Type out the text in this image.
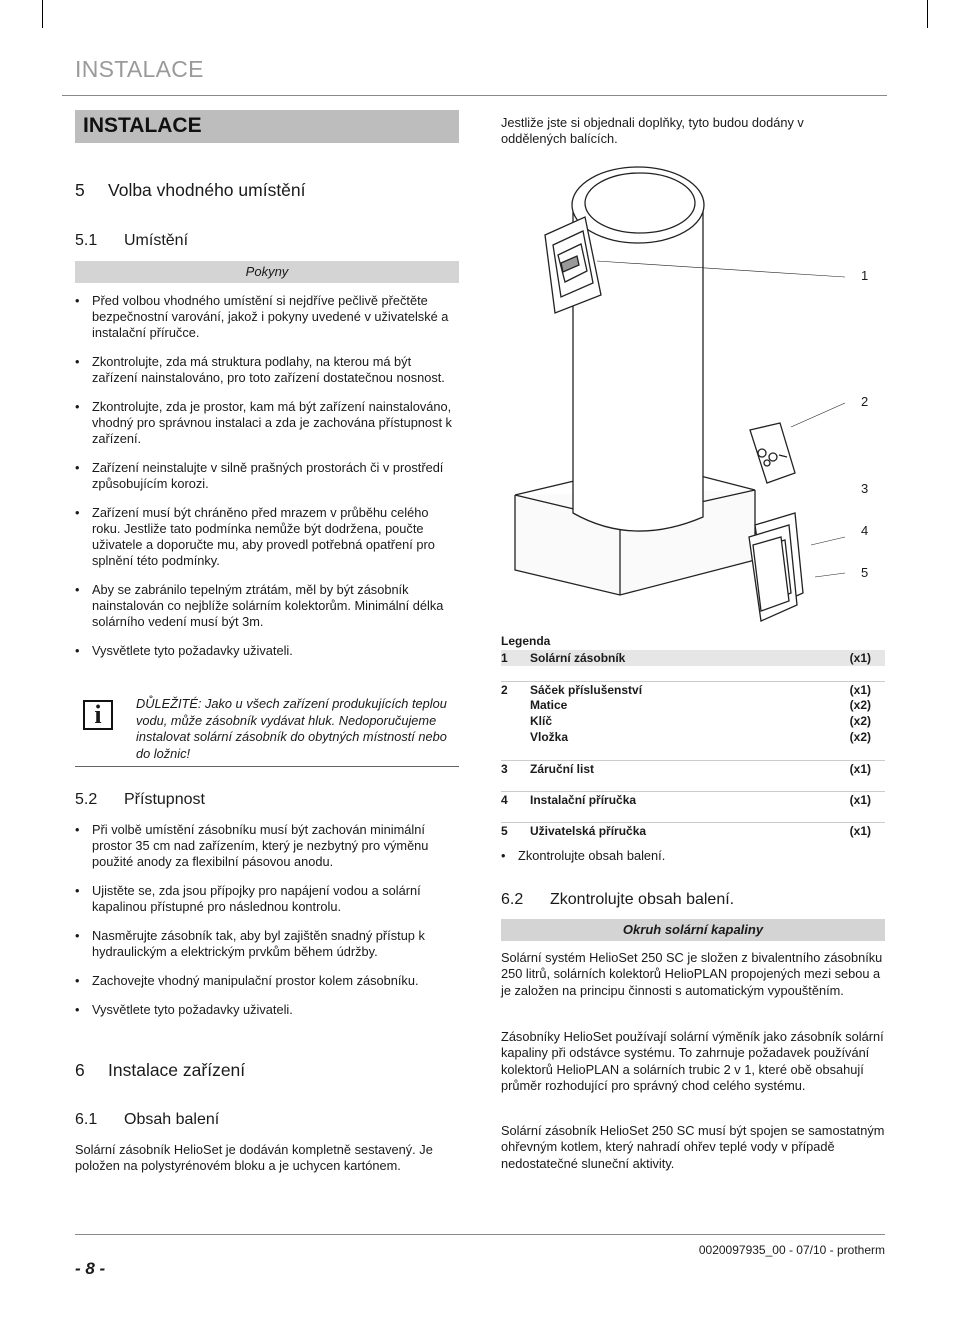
INSTALACE
INSTALACE	Jestliže jste si objednali doplňky, tyto budou dodány v oddělených balících.
5 Volba vhodného umístění
5.1 Umístění
Pokyny
• Před volbou vhodného umístění si nejdříve pečlivě přečtěte bezpečnostní varování, jakož i pokyny uvedené v uživatelské a instalační příručce.
• Zkontrolujte, zda má struktura podlahy, na kterou má být zařízení nainstalováno, pro toto zařízení dostatečnou nosnost.
• Zkontrolujte, zda je prostor, kam má být zařízení nainstalováno, vhodný pro správnou instalaci a zda je zachována přístupnost k zařízení.
• Zařízení neinstalujte v silně prašných prostorách či v prostředí způsobujícím korozi.
• Zařízení musí být chráněno před mrazem v průběhu celého roku. Jestliže tato podmínka nemůže být dodržena, poučte uživatele a doporučte mu, aby provedl potřebná opatření pro splnění této podmínky.
• Aby se zabránilo tepelným ztrátám, měl by být zásobník nainstalován co nejblíže solárním kolektorům. Minimální délka solárního vedení musí být 3m.
• Vysvětlete tyto požadavky uživateli.
i	DŮLEŽITÉ: Jako u všech zařízení produkujících teplou vodu, může zásobník vydávat hluk. Nedoporučujeme instalovat solární zásobník do obytných místností nebo do ložnic!
5.2 Přístupnost
• Při volbě umístění zásobníku musí být zachován minimální prostor 35 cm nad zařízením, který je nezbytný pro výměnu použité anody za flexibilní pásovou anodu.
• Ujistěte se, zda jsou přípojky pro napájení vodou a solární kapalinou přístupné pro následnou kontrolu.
• Nasměrujte zásobník tak, aby byl zajištěn snadný přístup k hydraulickým a elektrickým prvkům během údržby.
• Zachovejte vhodný manipulační prostor kolem zásobníku.
• Vysvětlete tyto požadavky uživateli.
6 Instalace zařízení
6.1 Obsah balení
Solární zásobník HelioSet je dodáván kompletně sestavený. Je položen na polystyrénovém bloku a je uchycen kartónem.
1
2
3
4
5
Legenda
1 Solární zásobník	(x1)
2 Sáček příslušenství	(x1)
Matice	(x2)
Klíč	(x2)
Vložka	(x2)
3 Záruční list	(x1)
4 Instalační příručka	(x1)
5 Uživatelská příručka	(x1)
• Zkontrolujte obsah balení.
6.2 Zkontrolujte obsah balení.
Okruh solární kapaliny
Solární systém HelioSet 250 SC je složen z bivalentního zásobníku 250 litrů, solárních kolektorů HelioPLAN propojených mezi sebou a je založen na principu činnosti s automatickým vypouštěním.
Zásobníky HelioSet používají solární výměník jako zásobník solární kapaliny při odstávce systému. To zahrnuje požadavek používání kolektorů HelioPLAN a solárních trubic 2 v 1, které obě obsahují průměr rozhodující pro správný chod celého systému.
Solární zásobník HelioSet 250 SC musí být spojen se samostatným ohřevným kotlem, který nahradí ohřev teplé vody v případě nedostatečné sluneční aktivity.
- 8 -
0020097935_00 - 07/10 - protherm
